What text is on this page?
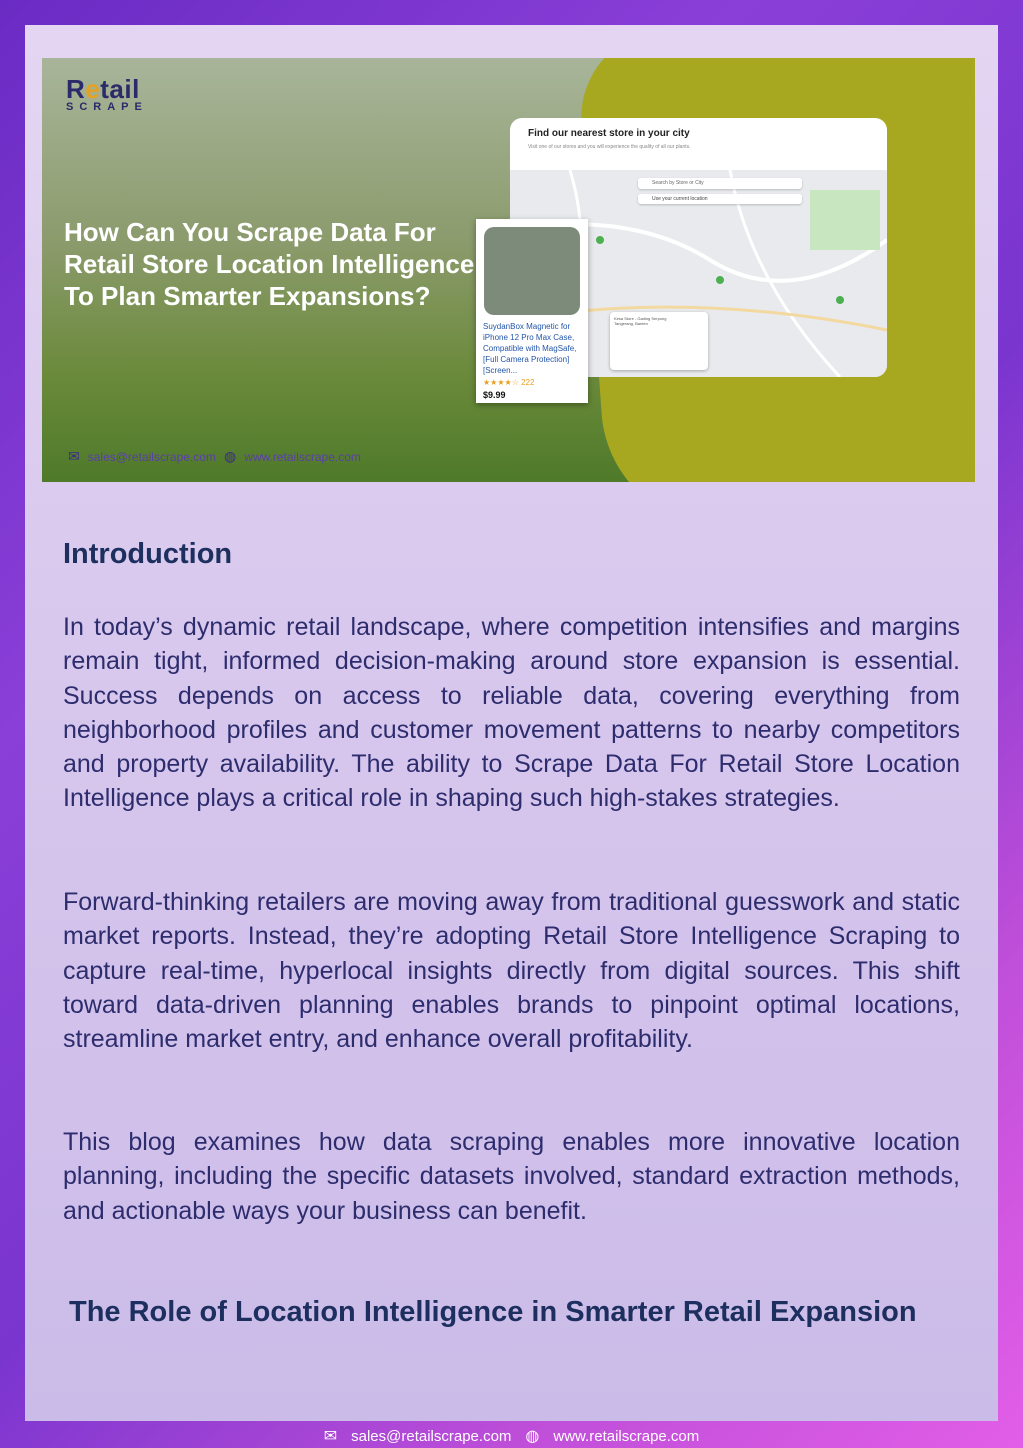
Retail
SCRAPE
How Can You Scrape Data For Retail Store Location Intelligence To Plan Smarter Expansions?
Find our nearest store in your city
Visit one of our stores and you will experience the quality of all our plants.
Search by Store or City
Use your current location
Kesa Store - Gading Serpong
Tangerang, Banten
SuydanBox Magnetic for iPhone 12 Pro Max Case, Compatible with MagSafe, [Full Camera Protection][Screen...
★★★★☆ 222
$9.99
✉ sales@retailscrape.com ◍ www.retailscrape.com
Introduction

In today’s dynamic retail landscape, where competition intensifies and margins remain tight, informed decision-making around store expansion is essential. Success depends on access to reliable data, covering everything from neighborhood profiles and customer movement patterns to nearby competitors and property availability. The ability to Scrape Data For Retail Store Location Intelligence plays a critical role in shaping such high-stakes strategies.

Forward-thinking retailers are moving away from traditional guesswork and static market reports. Instead, they’re adopting Retail Store Intelligence Scraping to capture real-time, hyperlocal insights directly from digital sources. This shift toward data-driven planning enables brands to pinpoint optimal locations, streamline market entry, and enhance overall profitability.

This blog examines how data scraping enables more innovative location planning, including the specific datasets involved, standard extraction methods, and actionable ways your business can benefit.

The Role of Location Intelligence in Smarter Retail Expansion
✉ sales@retailscrape.com ◍ www.retailscrape.com
